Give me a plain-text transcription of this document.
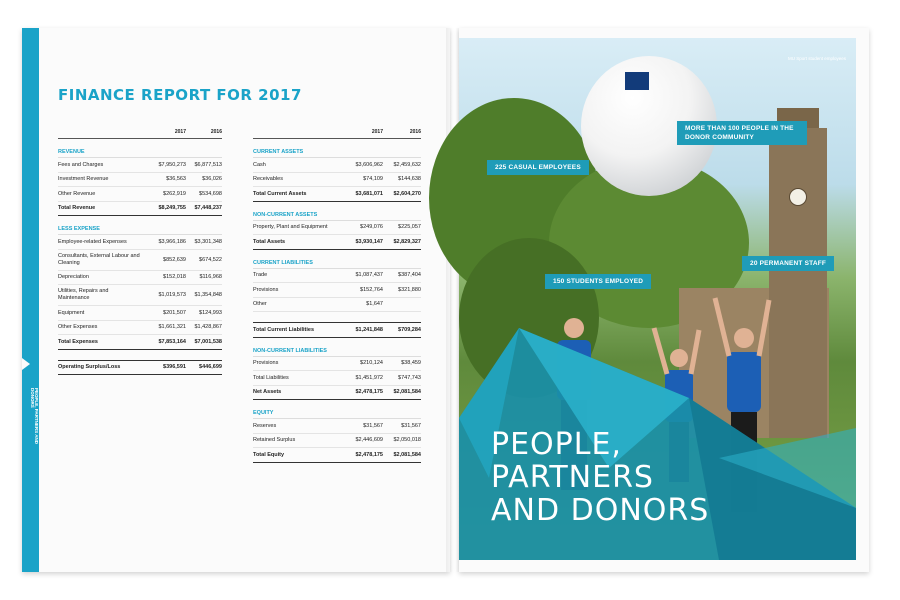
82
PEOPLE, PARTNERS AND DONORS
FINANCE REPORT FOR 2017
	2017	2016
REVENUE		
Fees and Charges	$7,950,273	$6,877,513
Investment Revenue	$36,563	$36,026
Other Revenue	$262,919	$534,698
Total Revenue	$8,249,755	$7,448,237
LESS EXPENSE		
Employee-related Expenses	$3,966,186	$3,301,348
Consultants, External Labour and Cleaning	$852,639	$674,522
Depreciation	$152,018	$116,968
Utilities, Repairs and Maintenance	$1,019,573	$1,354,848
Equipment	$201,507	$124,993
Other Expenses	$1,661,321	$1,428,867
Total Expenses	$7,853,164	$7,001,538

Operating Surplus/Loss	$396,591	$446,699
	2017	2016
CURRENT ASSETS		
Cash	$3,606,962	$2,459,632
Receivables	$74,109	$144,638
Total Current Assets	$3,681,071	$2,604,270
NON-CURRENT ASSETS		
Property, Plant and Equipment	$249,076	$225,057
Total Assets	$3,930,147	$2,829,327
CURRENT LIABILITIES		
Trade	$1,087,437	$387,404
Provisions	$152,764	$321,880
Other	$1,647	

Total Current Liabilities	$1,241,848	$709,284
NON-CURRENT LIABILITIES		
Provisions	$210,124	$38,459
Total Liabilities	$1,451,972	$747,743
Net Assets	$2,478,175	$2,081,584
EQUITY		
Reserves	$31,567	$31,567
Retained Surplus	$2,446,609	$2,050,018
Total Equity	$2,478,175	$2,081,584
MU Sport student employees
MORE THAN 100 PEOPLE IN THE DONOR COMMUNITY
225 CASUAL EMPLOYEES
20 PERMANENT STAFF
150 STUDENTS EMPLOYED
PEOPLE,
PARTNERS
AND DONORS
